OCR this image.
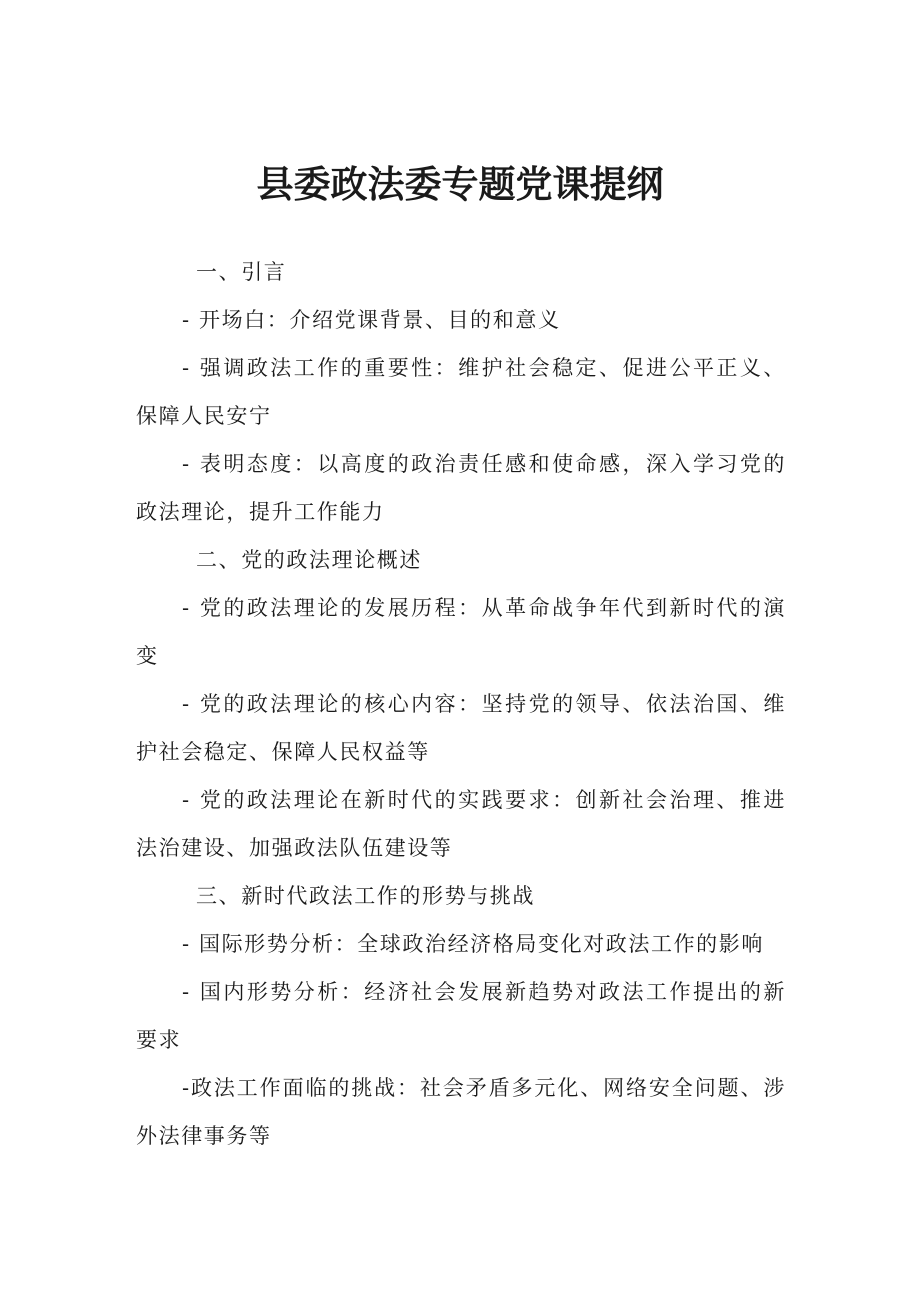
县委政法委专题党课提纲

一、引言

- 开场白：介绍党课背景、目的和意义

- 强调政法工作的重要性：维护社会稳定、促进公平正义、保障人民安宁

- 表明态度：以高度的政治责任感和使命感，深入学习党的政法理论，提升工作能力

二、党的政法理论概述

- 党的政法理论的发展历程：从革命战争年代到新时代的演变

- 党的政法理论的核心内容：坚持党的领导、依法治国、维护社会稳定、保障人民权益等

- 党的政法理论在新时代的实践要求：创新社会治理、推进法治建设、加强政法队伍建设等

三、新时代政法工作的形势与挑战

- 国际形势分析：全球政治经济格局变化对政法工作的影响

- 国内形势分析：经济社会发展新趋势对政法工作提出的新要求

-政法工作面临的挑战：社会矛盾多元化、网络安全问题、涉外法律事务等
